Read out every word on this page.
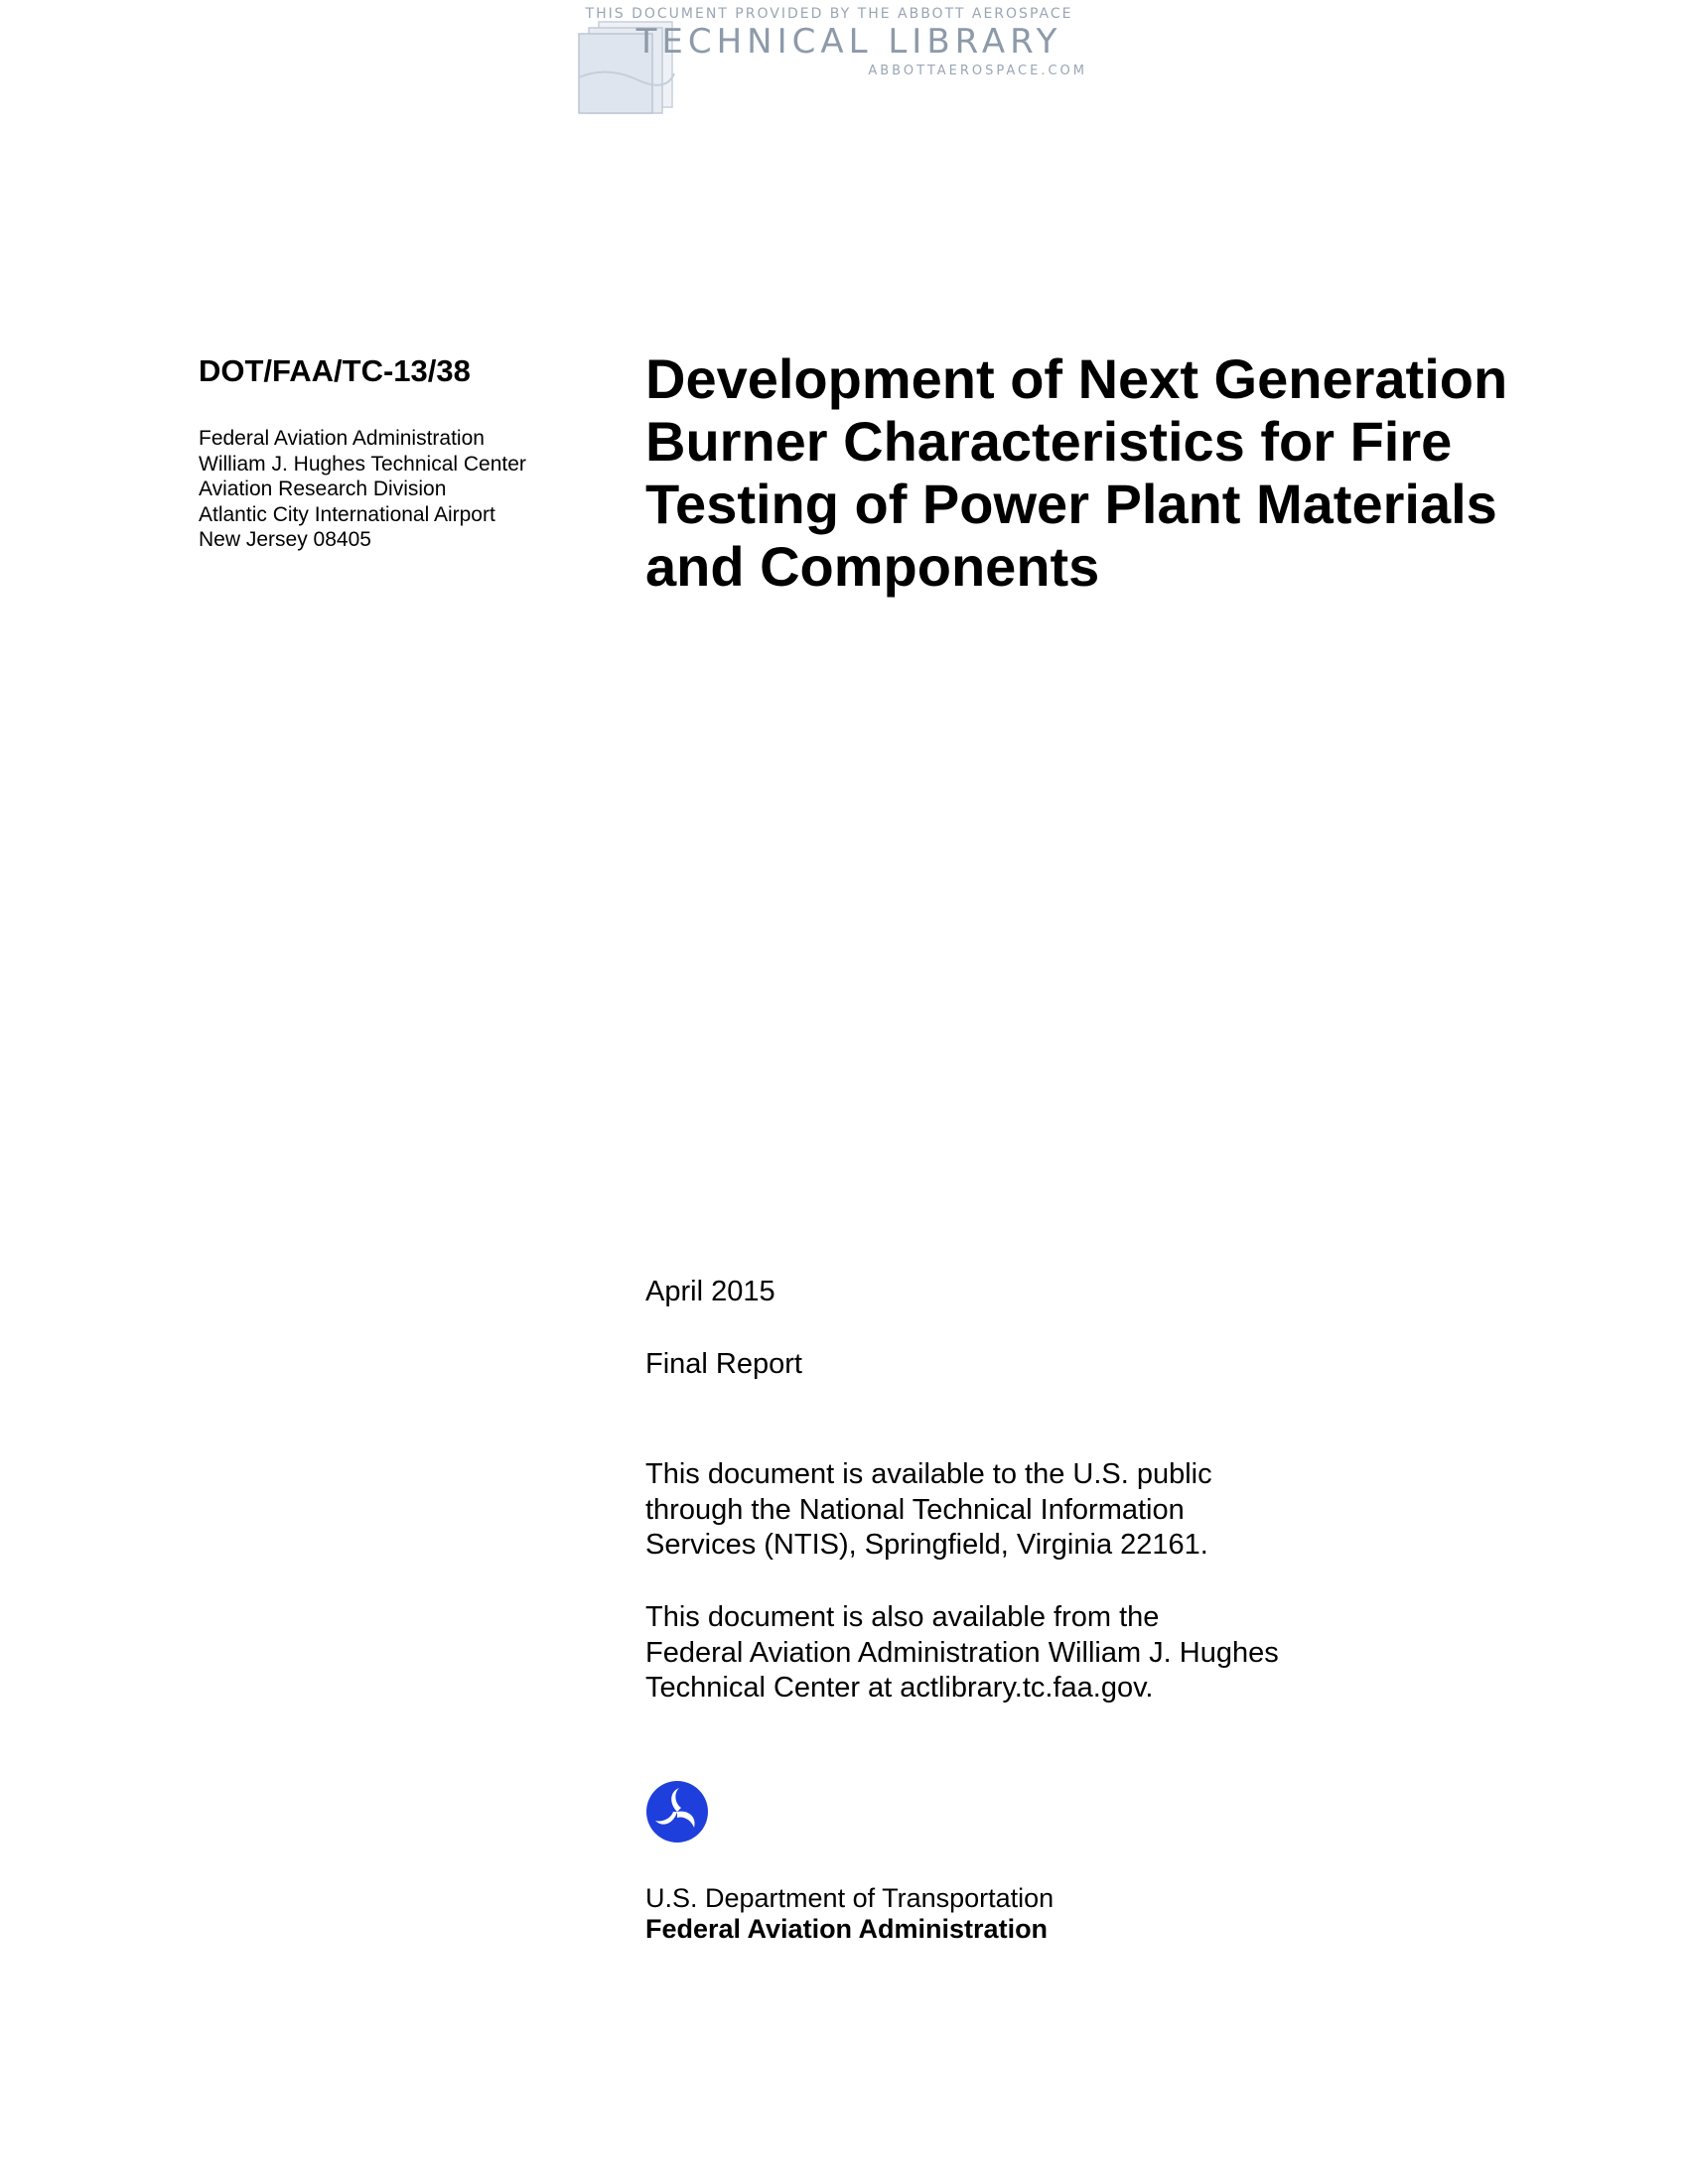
THIS DOCUMENT PROVIDED BY THE ABBOTT AEROSPACE
TECHNICAL LIBRARY
ABBOTTAEROSPACE.COM
DOT/FAA/TC-13/38
Federal Aviation Administration
William J. Hughes Technical Center
Aviation Research Division
Atlantic City International Airport
New Jersey 08405
Development of Next Generation
Burner Characteristics for Fire
Testing of Power Plant Materials
and Components
April 2015
Final Report
This document is available to the U.S. public
through the National Technical Information
Services (NTIS), Springfield, Virginia 22161.
This document is also available from the
Federal Aviation Administration William J. Hughes
Technical Center at actlibrary.tc.faa.gov.
U.S. Department of Transportation
Federal Aviation Administration
